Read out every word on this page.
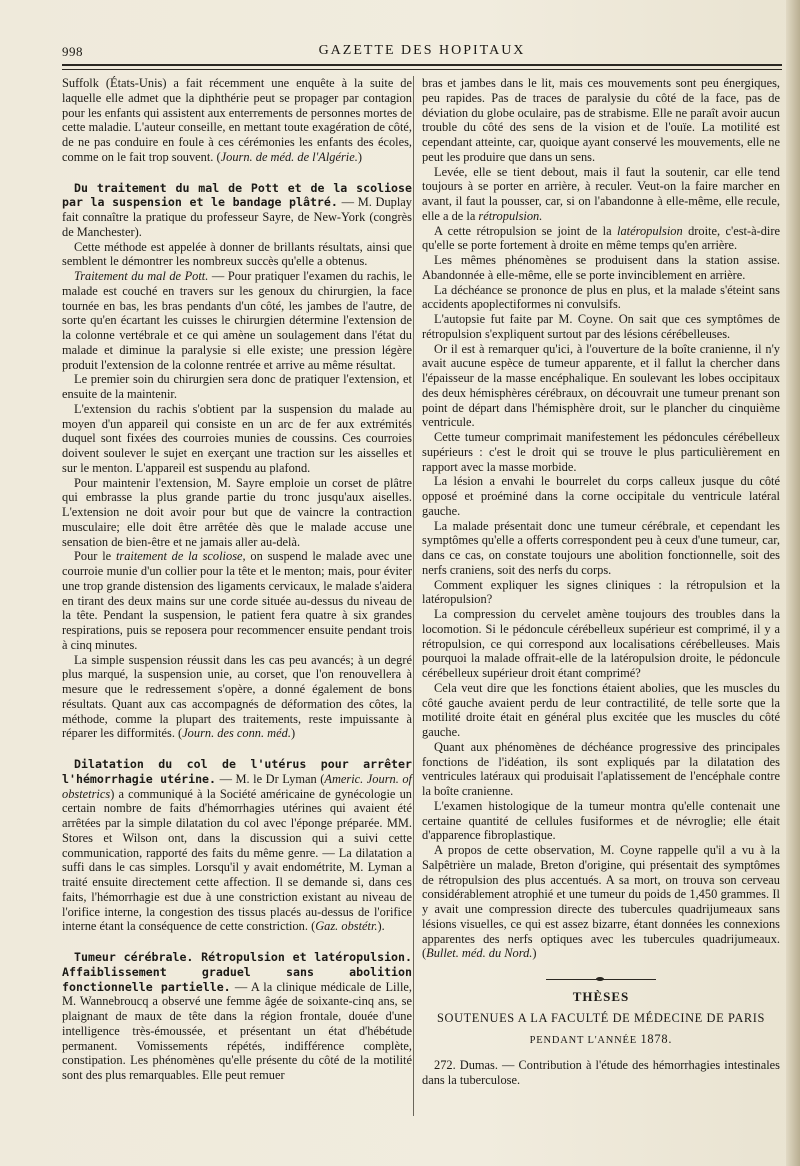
998	GAZETTE DES HOPITAUX

Suffolk (États-Unis) a fait récemment une enquête à la suite de laquelle elle admet que la diphthérie peut se propager par contagion pour les enfants qui assistent aux enterrements de personnes mortes de cette maladie. L'auteur conseille, en mettant toute exagération de côté, de ne pas conduire en foule à ces cérémonies les enfants des écoles, comme on le fait trop souvent. (Journ. de méd. de l'Algérie.)

Du traitement du mal de Pott et de la scoliose par la suspension et le bandage plâtré. — M. Duplay fait connaître la pratique du professeur Sayre, de New-York (congrès de Manchester).

Cette méthode est appelée à donner de brillants résultats, ainsi que semblent le démontrer les nombreux succès qu'elle a obtenus.

Traitement du mal de Pott. — Pour pratiquer l'examen du rachis, le malade est couché en travers sur les genoux du chirurgien, la face tournée en bas, les bras pendants d'un côté, les jambes de l'autre, de sorte qu'en écartant les cuisses le chirurgien détermine l'extension de la colonne vertébrale et ce qui amène un soulagement dans l'état du malade et diminue la paralysie si elle existe; une pression légère produit l'extension de la colonne rentrée et arrive au même résultat.

Le premier soin du chirurgien sera donc de pratiquer l'extension, et ensuite de la maintenir.

L'extension du rachis s'obtient par la suspension du malade au moyen d'un appareil qui consiste en un arc de fer aux extrémités duquel sont fixées des courroies munies de coussins. Ces courroies doivent soulever le sujet en exerçant une traction sur les aisselles et sur le menton. L'appareil est suspendu au plafond.

Pour maintenir l'extension, M. Sayre emploie un corset de plâtre qui embrasse la plus grande partie du tronc jusqu'aux aiselles. L'extension ne doit avoir pour but que de vaincre la contraction musculaire; elle doit être arrêtée dès que le malade accuse une sensation de bien-être et ne jamais aller au-delà.

Pour le traitement de la scoliose, on suspend le malade avec une courroie munie d'un collier pour la tête et le menton; mais, pour éviter une trop grande distension des ligaments cervicaux, le malade s'aidera en tirant des deux mains sur une corde située au-dessus du niveau de la tête. Pendant la suspension, le patient fera quatre à six grandes respirations, puis se reposera pour recommencer ensuite pendant trois à cinq minutes.

La simple suspension réussit dans les cas peu avancés; à un degré plus marqué, la suspension unie, au corset, que l'on renouvellera à mesure que le redressement s'opère, a donné également de bons résultats. Quant aux cas accompagnés de déformation des côtes, la méthode, comme la plupart des traitements, reste impuissante à réparer les difformités. (Journ. des conn. méd.)

Dilatation du col de l'utérus pour arrêter l'hémorrhagie utérine. — M. le Dr Lyman (Americ. Journ. of obstetrics) a communiqué à la Société américaine de gynécologie un certain nombre de faits d'hémorrhagies utérines qui avaient été arrêtées par la simple dilatation du col avec l'éponge préparée. MM. Stores et Wilson ont, dans la discussion qui a suivi cette communication, rapporté des faits du même genre. — La dilatation a suffi dans le cas simples. Lorsqu'il y avait endométrite, M. Lyman a traité ensuite directement cette affection. Il se demande si, dans ces faits, l'hémorrhagie est due à une constriction existant au niveau de l'orifice interne, la congestion des tissus placés au-dessus de l'orifice interne étant la conséquence de cette constriction. (Gaz. obstétr.).

Tumeur cérébrale. Rétropulsion et latéropulsion. Affaiblissement graduel sans abolition fonctionnelle partielle. — A la clinique médicale de Lille, M. Wannebroucq a observé une femme âgée de soixante-cinq ans, se plaignant de maux de tête dans la région frontale, douée d'une intelligence très-émoussée, et présentant un état d'hébétude permanent. Vomissements répétés, indifférence complète, constipation. Les phénomènes qu'elle présente du côté de la motilité sont des plus remarquables. Elle peut remuer

bras et jambes dans le lit, mais ces mouvements sont peu énergiques, peu rapides. Pas de traces de paralysie du côté de la face, pas de déviation du globe oculaire, pas de strabisme. Elle ne paraît avoir aucun trouble du côté des sens de la vision et de l'ouïe. La motilité est cependant atteinte, car, quoique ayant conservé les mouvements, elle ne peut les produire que dans un sens.

Levée, elle se tient debout, mais il faut la soutenir, car elle tend toujours à se porter en arrière, à reculer. Veut-on la faire marcher en avant, il faut la pousser, car, si on l'abandonne à elle-même, elle recule, elle a de la rétropulsion.

A cette rétropulsion se joint de la latéropulsion droite, c'est-à-dire qu'elle se porte fortement à droite en même temps qu'en arrière.

Les mêmes phénomènes se produisent dans la station assise. Abandonnée à elle-même, elle se porte invinciblement en arrière.

La déchéance se prononce de plus en plus, et la malade s'éteint sans accidents apoplectiformes ni convulsifs.

L'autopsie fut faite par M. Coyne. On sait que ces symptômes de rétropulsion s'expliquent surtout par des lésions cérébelleuses.

Or il est à remarquer qu'ici, à l'ouverture de la boîte cranienne, il n'y avait aucune espèce de tumeur apparente, et il fallut la chercher dans l'épaisseur de la masse encéphalique. En soulevant les lobes occipitaux des deux hémisphères cérébraux, on découvrait une tumeur prenant son point de départ dans l'hémisphère droit, sur le plancher du cinquième ventricule.

Cette tumeur comprimait manifestement les pédoncules cérébelleux supérieurs : c'est le droit qui se trouve le plus particulièrement en rapport avec la masse morbide.

La lésion a envahi le bourrelet du corps calleux jusque du côté opposé et proéminé dans la corne occipitale du ventricule latéral gauche.

La malade présentait donc une tumeur cérébrale, et cependant les symptômes qu'elle a offerts correspondent peu à ceux d'une tumeur, car, dans ce cas, on constate toujours une abolition fonctionnelle, soit des nerfs craniens, soit des nerfs du corps.

Comment expliquer les signes cliniques : la rétropulsion et la latéropulsion?

La compression du cervelet amène toujours des troubles dans la locomotion. Si le pédoncule cérébelleux supérieur est comprimé, il y a rétropulsion, ce qui correspond aux localisations cérébelleuses. Mais pourquoi la malade offrait-elle de la latéropulsion droite, le pédoncule cérébelleux supérieur droit étant comprimé?

Cela veut dire que les fonctions étaient abolies, que les muscles du côté gauche avaient perdu de leur contractilité, de telle sorte que la motilité droite était en général plus excitée que les muscles du côté gauche.

Quant aux phénomènes de déchéance progressive des principales fonctions de l'idéation, ils sont expliqués par la dilatation des ventricules latéraux qui produisait l'aplatissement de l'encéphale contre la boîte cranienne.

L'examen histologique de la tumeur montra qu'elle contenait une certaine quantité de cellules fusiformes et de névroglie; elle était d'apparence fibroplastique.

A propos de cette observation, M. Coyne rappelle qu'il a vu à la Salpêtrière un malade, Breton d'origine, qui présentait des symptômes de rétropulsion des plus accentués. A sa mort, on trouva son cerveau considérablement atrophié et une tumeur du poids de 1,450 grammes. Il y avait une compression directe des tubercules quadrijumeaux sans lésions visuelles, ce qui est assez bizarre, étant données les connexions apparentes des nerfs optiques avec les tubercules quadrijumeaux. (Bullet. méd. du Nord.)

THÈSES
SOUTENUES A LA FACULTÉ DE MÉDECINE DE PARIS
PENDANT L'ANNÉE 1878.

272. Dumas. — Contribution à l'étude des hémorrhagies intestinales dans la tuberculose.
